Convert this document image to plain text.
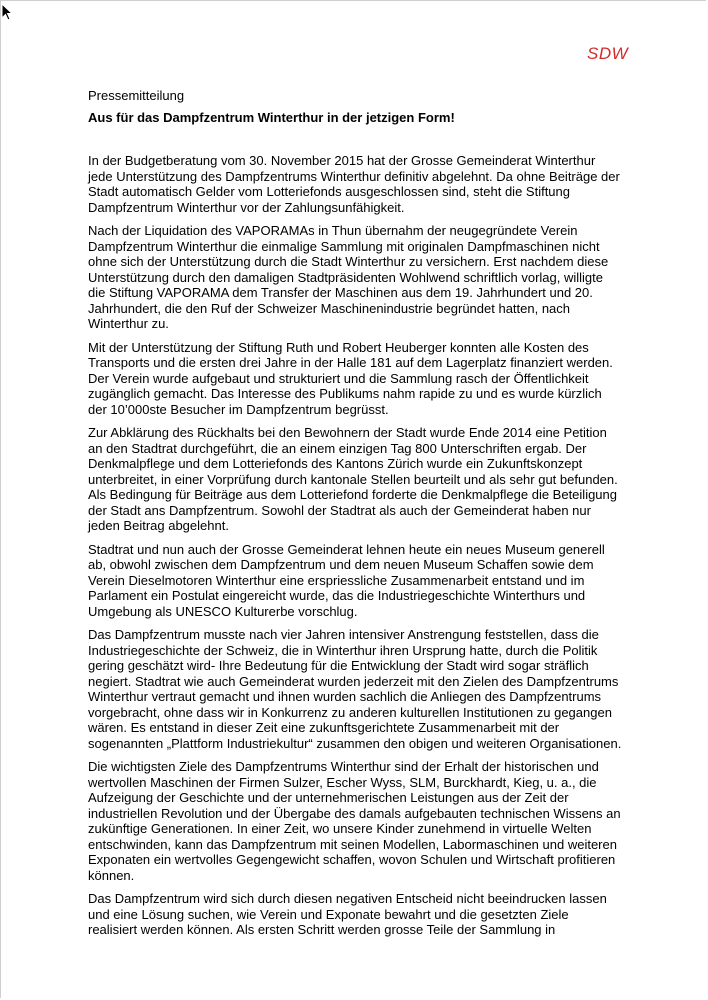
SDW
Pressemitteilung
Aus für das Dampfzentrum Winterthur in der jetzigen Form!

In der Budgetberatung vom 30. November 2015 hat der Grosse Gemeinderat Winterthur
jede Unterstützung des Dampfzentrums Winterthur definitiv abgelehnt. Da ohne Beiträge der
Stadt automatisch Gelder vom Lotteriefonds ausgeschlossen sind, steht die Stiftung
Dampfzentrum Winterthur vor der Zahlungsunfähigkeit.

Nach der Liquidation des VAPORAMAs in Thun übernahm der neugegründete Verein
Dampfzentrum Winterthur die einmalige Sammlung mit originalen Dampfmaschinen nicht
ohne sich der Unterstützung durch die Stadt Winterthur zu versichern. Erst nachdem diese
Unterstützung durch den damaligen Stadtpräsidenten Wohlwend schriftlich vorlag, willigte
die Stiftung VAPORAMA dem Transfer der Maschinen aus dem 19. Jahrhundert und 20.
Jahrhundert, die den Ruf der Schweizer Maschinenindustrie begründet hatten, nach
Winterthur zu.

Mit der Unterstützung der Stiftung Ruth und Robert Heuberger konnten alle Kosten des
Transports und die ersten drei Jahre in der Halle 181 auf dem Lagerplatz finanziert werden.
Der Verein wurde aufgebaut und strukturiert und die Sammlung rasch der Öffentlichkeit
zugänglich gemacht. Das Interesse des Publikums nahm rapide zu und es wurde kürzlich
der 10’000ste Besucher im Dampfzentrum begrüsst.

Zur Abklärung des Rückhalts bei den Bewohnern der Stadt wurde Ende 2014 eine Petition
an den Stadtrat durchgeführt, die an einem einzigen Tag 800 Unterschriften ergab. Der
Denkmalpflege und dem Lotteriefonds des Kantons Zürich wurde ein Zukunftskonzept
unterbreitet, in einer Vorprüfung durch kantonale Stellen beurteilt und als sehr gut befunden.
Als Bedingung für Beiträge aus dem Lotteriefond forderte die Denkmalpflege die Beteiligung
der Stadt ans Dampfzentrum. Sowohl der Stadtrat als auch der Gemeinderat haben nur
jeden Beitrag abgelehnt.

Stadtrat und nun auch der Grosse Gemeinderat lehnen heute ein neues Museum generell
ab, obwohl zwischen dem Dampfzentrum und dem neuen Museum Schaffen sowie dem
Verein Dieselmotoren Winterthur eine erspriessliche Zusammenarbeit entstand und im
Parlament ein Postulat eingereicht wurde, das die Industriegeschichte Winterthurs und
Umgebung als UNESCO Kulturerbe vorschlug.

Das Dampfzentrum musste nach vier Jahren intensiver Anstrengung feststellen, dass die
Industriegeschichte der Schweiz, die in Winterthur ihren Ursprung hatte, durch die Politik
gering geschätzt wird- Ihre Bedeutung für die Entwicklung der Stadt wird sogar sträflich
negiert. Stadtrat wie auch Gemeinderat wurden jederzeit mit den Zielen des Dampfzentrums
Winterthur vertraut gemacht und ihnen wurden sachlich die Anliegen des Dampfzentrums
vorgebracht, ohne dass wir in Konkurrenz zu anderen kulturellen Institutionen zu gegangen
wären. Es entstand in dieser Zeit eine zukunftsgerichtete Zusammenarbeit mit der
sogenannten „Plattform Industriekultur“ zusammen den obigen und weiteren Organisationen.

Die wichtigsten Ziele des Dampfzentrums Winterthur sind der Erhalt der historischen und
wertvollen Maschinen der Firmen Sulzer, Escher Wyss, SLM, Burckhardt, Kieg, u. a., die
Aufzeigung der Geschichte und der unternehmerischen Leistungen aus der Zeit der
industriellen Revolution und der Übergabe des damals aufgebauten technischen Wissens an
zukünftige Generationen. In einer Zeit, wo unsere Kinder zunehmend in virtuelle Welten
entschwinden, kann das Dampfzentrum mit seinen Modellen, Labormaschinen und weiteren
Exponaten ein wertvolles Gegengewicht schaffen, wovon Schulen und Wirtschaft profitieren
können.

Das Dampfzentrum wird sich durch diesen negativen Entscheid nicht beeindrucken lassen
und eine Lösung suchen, wie Verein und Exponate bewahrt und die gesetzten Ziele
realisiert werden können. Als ersten Schritt werden grosse Teile der Sammlung in
